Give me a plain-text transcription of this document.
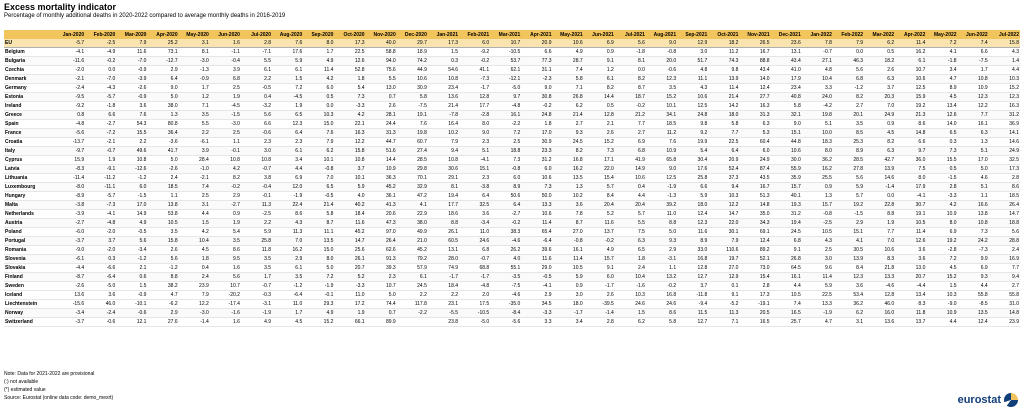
Excess mortality indicator
Percentage of monthly additional deaths in 2020-2022 compared to average monthly deaths in 2016-2019
	Jan-2020	Feb-2020	Mar-2020	Apr-2020	May-2020	Jun-2020	Jul-2020	Aug-2020	Sep-2020	Oct-2020	Nov-2020	Dec-2020	Jan-2021	Feb-2021	Mar-2021	Apr-2021	May-2021	Jun-2021	Jul-2021	Aug-2021	Sep-2021	Oct-2021	Nov-2021	Dec-2021	Jan-2022	Feb-2022	Mar-2022	Apr-2022	May-2022	Jun-2022	Jul-2022
EU	-5.7	-2.5	7.9	25.2	3.1	1.6	2.8	7.6	8.0	17.3	40.0	29.7	17.3	6.0	10.7	20.9	10.6	6.9	5.6	9.0	12.9	18.2	26.5	23.6	7.8	7.9	6.2	11.4	7.2	7.4	15.8
Belgium	-4.1	-4.9	11.6	73.1	8.1	-1.1	-7.1	17.6	1.7	22.5	58.8	18.9	1.5	-9.2	-10.5	6.6	4.9	0.9	-1.8	-0.8	3.0	11.2	16.7	13.1	-0.7	0.0	0.5	16.2	4.1	6.6	4.3
Bulgaria	-11.6	-0.2	-7.0	-12.7	-3.0	-0.4	5.5	5.9	4.9	12.6	94.0	74.2	0.3	-0.2	53.7	77.3	28.7	9.1	8.1	20.0	51.7	74.3	88.8	43.4	27.1	46.3	18.2	6.1	-1.8	-7.5	1.4
Czechia	-2.0	0.0	-0.9	2.9	-1.3	3.9	6.1	6.1	11.4	52.8	75.6	44.9	54.6	41.1	62.1	31.1	7.4	1.2	0.0	-0.6	4.8	9.8	43.4	41.0	4.8	5.6	2.6	10.7	3.4	1.7	4.4
Denmark	-2.1	-7.0	-3.9	6.4	-0.9	6.8	2.2	1.5	4.2	1.8	5.5	10.6	10.8	-7.3	-12.1	-2.3	5.8	6.1	8.2	12.3	11.1	13.9	14.0	17.9	10.4	6.8	6.3	10.6	4.7	10.8	10.3
Germany	-2.4	-4.3	-2.6	9.0	1.7	2.5	-0.5	7.2	6.0	5.4	13.0	30.9	23.4	-1.7	-5.0	9.0	7.1	8.2	8.7	3.5	4.3	11.4	12.4	23.4	3.3	-1.2	3.7	12.5	8.9	10.9	15.2
Estonia	-9.5	-5.7	-0.9	5.0	1.2	1.9	0.4	-4.5	0.5	7.3	0.7	5.8	13.6	12.8	9.7	30.8	26.8	14.4	18.7	15.2	10.6	21.4	27.7	40.8	24.0	8.2	20.3	15.9	4.5	12.3	12.3
Ireland	-9.2	-1.8	3.6	38.0	7.1	-4.5	-3.2	1.9	0.0	-3.3	2.6	-7.5	21.4	17.7	-4.8	-0.2	6.2	0.5	-0.2	10.1	12.5	14.2	16.3	5.8	-4.2	2.7	7.0	19.2	13.4	12.2	16.3
Greece	0.8	6.6	7.6	1.3	3.5	-1.5	5.6	6.5	10.3	4.2	28.1	19.1	-7.8	-2.8	16.1	24.8	21.4	12.8	21.2	34.1	24.8	18.0	31.3	32.1	19.8	20.1	24.9	21.3	12.6	7.7	31.2
Spain	-4.8	-2.7	54.3	80.8	5.5	-3.0	6.6	12.3	15.0	22.1	24.4	7.6	16.4	8.0	-2.2	1.8	2.7	2.1	7.7	18.5	9.8	5.8	6.3	9.0	5.1	3.5	0.9	8.6	14.0	16.1	36.9
France	-5.6	-7.2	15.5	36.4	2.2	2.5	-0.6	6.4	7.6	16.3	31.3	19.8	10.2	9.0	7.2	17.0	9.3	2.6	2.7	11.2	9.2	7.7	5.3	15.1	10.0	8.5	4.5	14.8	6.5	6.3	14.1
Croatia	-13.7	-2.1	2.2	-3.6	-6.1	1.1	2.3	2.3	7.9	12.2	44.7	60.7	7.9	2.3	2.5	30.9	24.5	15.2	6.9	7.6	19.9	22.5	60.4	44.8	18.3	25.3	8.2	6.6	0.3	1.3	14.6
Italy	-9.7	-0.7	49.6	41.7	3.9	-0.1	3.0	6.1	6.2	15.8	51.6	27.4	9.4	5.1	18.8	23.3	8.2	7.3	6.8	10.9	5.4	6.4	6.0	10.6	8.0	8.9	6.3	9.7	7.3	5.1	24.9
Cyprus	15.9	1.9	10.8	5.0	28.4	10.8	10.8	3.4	10.1	10.8	14.4	28.5	10.8	-4.1	7.3	31.2	16.8	17.1	41.9	65.8	30.4	20.9	24.9	30.0	36.2	28.5	42.7	36.0	15.5	17.0	32.5
Latvia	-8.3	-9.1	-12.6	-2.6	-1.0	4.2	-0.7	4.4	-0.8	3.7	10.9	29.8	30.6	15.1	-0.8	6.0	16.2	22.0	14.9	9.0	17.6	52.4	87.4	55.9	16.2	27.8	13.9	7.5	0.5	5.0	17.3
Lithuania	-11.4	-11.2	-1.2	2.4	-2.1	8.2	3.8	6.9	7.0	10.1	36.3	70.1	29.1	2.3	6.0	10.6	13.5	15.4	10.6	12.5	25.8	37.3	43.5	35.9	25.5	5.6	14.6	8.0	-1.5	4.6	2.8
Luxembourg	-8.0	-11.1	6.0	18.5	7.4	-0.2	-0.4	12.0	6.5	5.9	45.2	32.9	8.1	-3.8	8.9	7.3	1.3	5.7	0.4	-1.9	6.6	9.4	16.7	15.7	0.9	5.9	-1.4	17.9	2.8	5.1	8.6
Hungary	-8.9	-5.7	-1.5	1.1	2.5	2.9	-0.1	-1.9	-0.5	4.0	36.1	47.2	19.4	6.4	50.6	50.0	10.2	8.4	4.4	-1.3	5.9	10.3	51.3	40.1	1.3	5.7	0.0	-4.1	-3.3	1.1	18.5
Malta	-3.8	-7.3	17.0	13.8	3.1	-2.7	11.3	22.4	21.4	40.2	41.3	4.1	17.7	32.5	6.4	13.3	3.6	20.4	20.4	39.2	18.0	12.2	14.8	19.3	15.7	19.2	22.8	30.7	4.2	16.6	26.4
Netherlands	-3.9	-4.1	14.9	53.8	4.4	0.9	-2.5	8.6	5.8	18.4	20.6	22.9	18.6	3.6	-2.7	10.6	7.8	5.2	5.7	11.0	12.4	14.7	35.0	31.2	-0.8	-1.5	8.8	19.1	10.9	13.8	14.7
Austria	-2.7	-4.8	4.9	10.5	1.5	1.9	2.2	4.3	8.7	11.6	47.3	38.0	8.8	-3.4	-0.2	11.4	8.7	11.6	5.5	8.8	12.3	22.0	34.3	19.4	-2.5	2.9	1.9	10.5	8.0	10.8	18.8
Poland	-6.0	-2.0	-0.5	3.5	4.2	5.4	5.9	11.3	11.1	45.2	97.0	49.9	26.1	11.0	38.3	65.4	27.0	13.7	7.5	5.0	11.6	30.1	69.1	24.5	10.5	15.1	7.7	11.4	6.9	7.3	5.6
Portugal	-3.7	3.7	5.6	15.8	10.4	3.5	25.8	7.0	13.5	14.7	26.4	21.0	60.5	24.6	-4.6	-6.4	-0.8	-0.2	6.3	9.3	8.9	7.9	12.4	6.8	4.3	4.1	7.0	12.6	19.2	24.2	28.8
Romania	-9.0	-2.0	-3.4	2.6	4.5	8.6	11.8	16.2	15.0	25.6	62.6	45.2	13.1	6.8	26.2	39.6	16.1	4.9	6.5	2.9	33.0	110.6	89.2	9.1	2.5	30.5	10.6	3.6	-2.8	-7.3	2.4
Slovenia	-6.1	0.3	-1.2	5.6	1.8	9.5	3.5	2.9	8.0	26.1	91.3	79.2	28.0	-0.7	4.0	11.6	11.4	15.7	1.8	-3.1	16.8	19.7	52.1	26.8	3.0	13.9	8.3	3.6	7.2	9.9	16.9
Slovakia	-4.4	-6.6	2.1	-1.2	0.4	1.6	3.5	6.1	5.0	20.7	39.3	57.9	74.9	68.8	55.1	29.0	10.5	9.1	2.4	1.1	12.8	27.0	73.0	64.5	9.6	8.4	21.8	13.0	4.5	6.9	7.7
Finland	-8.7	-6.4	0.6	8.8	2.4	5.6	1.7	3.5	7.2	5.2	2.3	6.1	-1.7	-1.7	-3.5	-0.5	5.9	6.0	10.4	13.2	12.7	12.9	15.4	16.1	11.4	12.3	13.3	20.7	15.2	9.3	9.4
Sweden	-2.6	-5.0	1.5	38.2	23.9	10.7	-0.7	-1.2	-1.9	-3.3	10.7	24.5	18.4	-4.8	-7.5	-4.1	0.9	-1.7	-1.6	-0.2	3.7	0.1	2.8	4.4	5.9	3.6	-4.6	-4.4	1.5	4.4	2.7
Iceland	13.6	3.6	-0.9	4.7	7.9	-20.2	-0.3	-6.4	-0.1	11.0	5.0	2.2	2.2	2.0	-4.6	2.9	3.0	2.6	10.3	16.8	-11.8	9.1	17.3	10.5	22.5	53.4	12.8	13.4	10.3	55.8	55.8
Liechtenstein	-15.6	46.0	-10.1	-6.2	12.2	-17.4	-3.1	11.0	29.3	17.2	74.4	117.8	23.1	17.5	-35.0	34.5	18.0	-39.5	24.6	24.6	-9.4	-5.2	-19.1	7.4	13.3	36.2	46.0	8.3	-9.0	-8.5	31.0
Norway	-3.4	-2.4	-0.6	2.9	-3.0	-1.6	-1.9	1.7	4.9	1.9	0.7	-2.2	-5.5	-10.5	-8.4	-3.3	-1.7	-1.4	1.5	8.6	11.5	11.3	20.5	16.5	-1.9	6.2	16.0	11.8	10.9	13.5	14.8
Switzerland	-3.7	-0.6	12.1	27.6	-1.4	1.6	4.9	4.5	15.2	66.1	89.9		23.8	-5.0	-5.6	3.3	3.4	2.8	6.2	5.8	12.7	7.1	16.5	25.7	4.7	3.1	13.6	13.7	4.4	12.4	23.9
Note: Data for 2021-2022 are provisional
(:) not available
(*) estimated value
Source: Eurostat (online data code: demo_mexrt)	eurostat
